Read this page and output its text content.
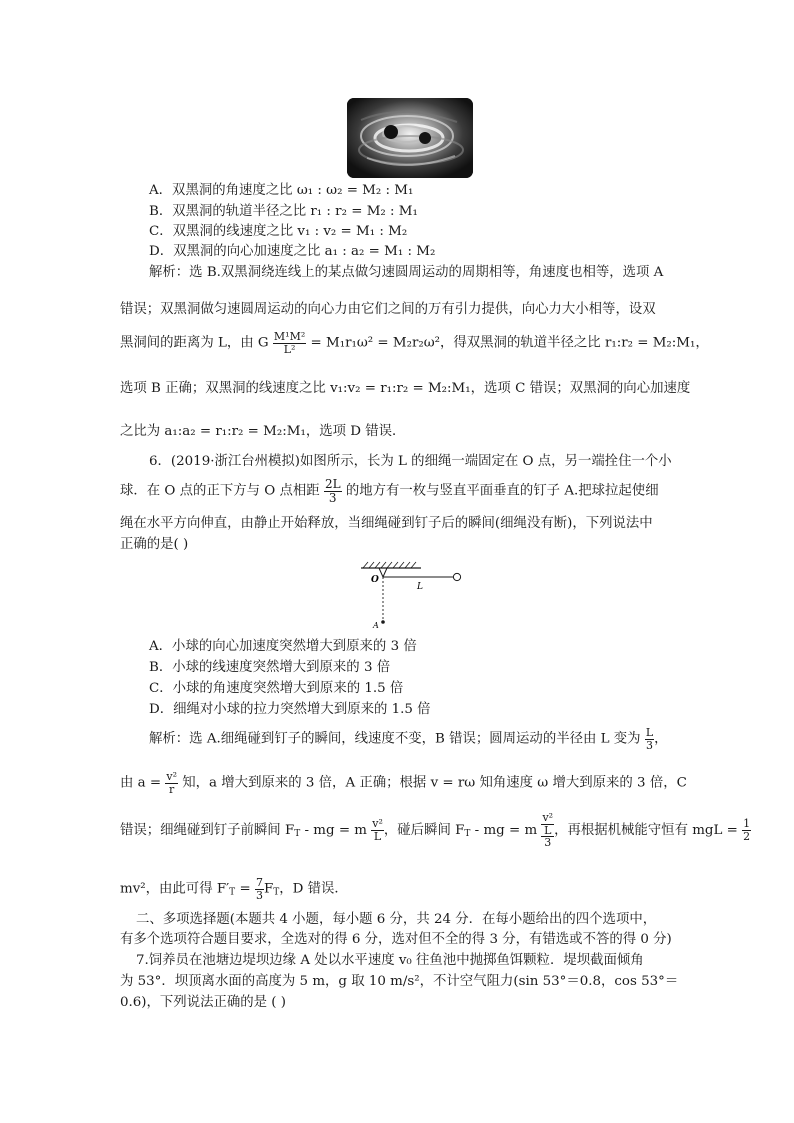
A．双黑洞的角速度之比 ω₁ : ω₂ = M₂ : M₁
B．双黑洞的轨道半径之比 r₁ : r₂ = M₂ : M₁
C．双黑洞的线速度之比 v₁ : v₂ = M₁ : M₂
D．双黑洞的向心加速度之比 a₁ : a₂ = M₁ : M₂
解析：选 B.双黑洞绕连线上的某点做匀速圆周运动的周期相等，角速度也相等，选项 A
错误；双黑洞做匀速圆周运动的向心力由它们之间的万有引力提供，向心力大小相等，设双
黑洞间的距离为 L，由 G $\frac{\text{M¹M²}}{\text{L²}} = M_1r_1\omega^2 = M_2r_2\omega^2$，得双黑洞的轨道半径之比 r₁:r₂ = M₂:M₁，
选项 B 正确；双黑洞的线速度之比 v₁:v₂ = r₁:r₂ = M₂:M₁，选项 C 错误；双黑洞的向心加速度
之比为 a₁:a₂ = r₁:r₂ = M₂:M₁，选项 D 错误．
6．(2019·浙江台州模拟)如图所示，长为 L 的细绳一端固定在 O 点，另一端拴住一个小
球．在 O 点的正下方与 O 点相距 $\frac{2L}{3}$ 的地方有一枚与竖直平面垂直的钉子 A.把球拉起使细
绳在水平方向伸直，由静止开始释放，当细绳碰到钉子后的瞬间(细绳没有断)，下列说法中
正确的是( )
O
L
A
A．小球的向心加速度突然增大到原来的 3 倍
B．小球的线速度突然增大到原来的 3 倍
C．小球的角速度突然增大到原来的 1.5 倍
D．细绳对小球的拉力突然增大到原来的 1.5 倍
解析：选 A.细绳碰到钉子的瞬间，线速度不变，B 错误；圆周运动的半径由 L 变为 $\frac{L}{3}$ ，
由 $a = \frac{\text{v²}}{r}$ 知，a 增大到原来的 3 倍，A 正确；根据 v = rω 知角速度 ω 增大到原来的 3 倍，C
错误；细绳碰到钉子前瞬间 $F_T$ - mg = m $\frac{\text{v²}}{L}$ ，碰后瞬间 $F_T$ - mg = m
v²
L
3
，再根据机械能守恒有 mgL = $\frac{1}{2}$
mv²，由此可得 $F'_T = \frac{7}{3} F_T$，D 错误．
二、多项选择题(本题共 4 小题，每小题 6 分，共 24 分．在每小题给出的四个选项中，
有多个选项符合题目要求，全选对的得 6 分，选对但不全的得 3 分，有错选或不答的得 0 分)
7.饲养员在池塘边堤坝边缘 A 处以水平速度 v₀ 往鱼池中抛掷鱼饵颗粒．堤坝截面倾角
为 53°．坝顶离水面的高度为 5 m，g 取 10 m/s²，不计空气阻力(sin 53°＝0.8，cos 53°＝
0.6)，下列说法正确的是 ( )
